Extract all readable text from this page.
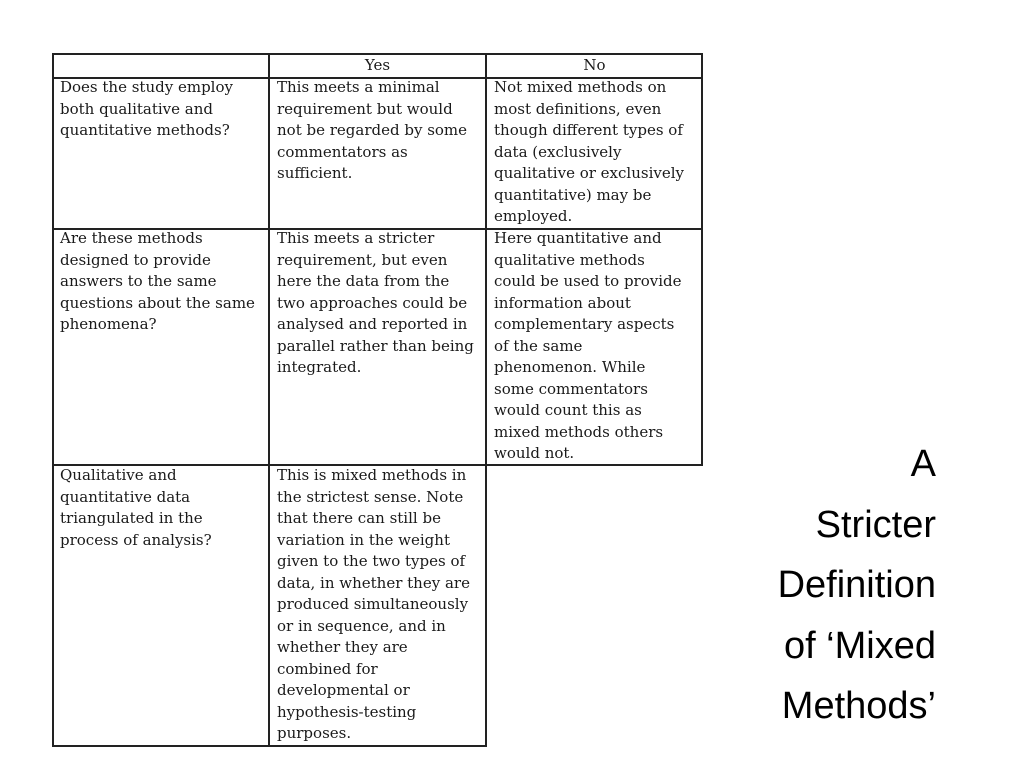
Yes	No
Does the study employ
both qualitative and
quantitative methods?
This meets a minimal
requirement but would
not be regarded by some
commentators as
sufficient.
Not mixed methods on
most definitions, even
though different types of
data (exclusively
qualitative or exclusively
quantitative) may be
employed.
Are these methods
designed to provide
answers to the same
questions about the same
phenomena?
This meets a stricter
requirement, but even
here the data from the
two approaches could be
analysed and reported in
parallel rather than being
integrated.
Here quantitative and
qualitative methods
could be used to provide
information about
complementary aspects
of the same
phenomenon. While
some commentators
would count this as
mixed methods others
would not.
Qualitative and
quantitative data
triangulated in the
process of analysis?
This is mixed methods in
the strictest sense. Note
that there can still be
variation in the weight
given to the two types of
data, in whether they are
produced simultaneously
or in sequence, and in
whether they are
combined for
developmental or
hypothesis-testing
purposes.
A
Stricter
Definition
of ‘Mixed
Methods’
